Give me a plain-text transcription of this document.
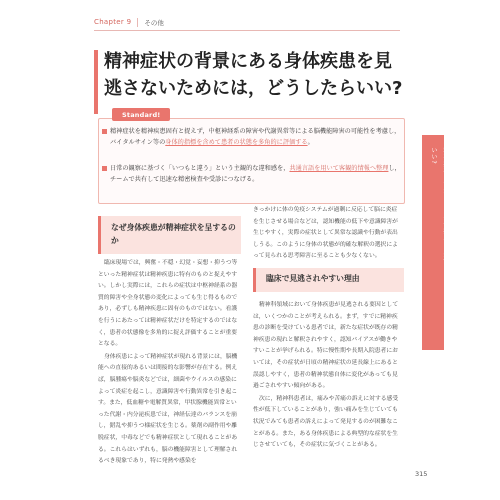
Chapter 9 その他
精神症状の背景にある身体疾患を見逃さないためには，どうしたらいい?
Standard!
精神症状を精神疾患固有と捉えず，中枢神経系の障害や代謝異常等による脳機能障害の可能性を考慮し，バイタルサイン等の身体的指標を含めて患者の状態を多角的に評価する。
日常の観察に基づく「いつもと違う」という主観的な違和感を，共通言語を用いて客観的情報へ整理し，チームで共有して迅速な精密検査や受診につなげる。
なぜ身体疾患が精神症状を呈するのか

臨床現場では，興奮・不穏・幻覚・妄想・抑うつ等といった精神症状は精神疾患に特有のものと捉えやすい。しかし実際には，これらの症状は中枢神経系の器質的障害や全身状態の変化によっても生じ得るものであり，必ずしも精神疾患に固有のものではない。看護を行うにあたっては精神症状だけを特定するのではなく，患者の状態像を多角的に捉え評価することが重要となる。

身体疾患によって精神症状が現れる背景には，脳機能への直接的あるいは間接的な影響が存在する。例えば，脳腫瘍や脳炎などでは，細菌やウイルスの感染によって炎症を起こし，意識障害や行動異常を引き起こす。また，低血糖や電解質異常，甲状腺機能異常といった代謝・内分泌疾患では，神経伝達のバランスを崩し，錯乱や抑うつ様症状を生じる。薬剤の副作用や離脱症状，中毒などでも精神症状として現れることがある。これらはいずれも，脳の機能障害として理解されるべき現象であり，特に発熱や感染を

きっかけに体の免疫システムが過剰に反応して脳に炎症を生じさせる場合などは，認知機能の低下や意識障害が生じやすく，実際の症状として異常な認識や行動が表出しうる。このように身体の状態が的確な解釈の選択によって見られる思考障害に至ることも少なくない。
臨床で見逃されやすい理由

精神科領域において身体疾患が見逃される要因としては，いくつかのことが考えられる。まず，すでに精神疾患の診断を受けている患者では，新たな症状が既存の精神疾患の現れと解釈されやすく，認知バイアスが働きやすいことが挙げられる。特に慢性期や長期入院患者においては，その症状が日頃の精神症状の延長線上にあると誤認しやすく，患者の精神状態自体に変化があっても見過ごされやすい傾向がある。

次に，精神科患者は，痛みや苦痛の訴えに対する感受性が低下していることがあり，強い痛みを生じていても状況でみても患者の訴えによって発見するのが困難なことがある。また，ある身体疾患による典型的な症状を生じさせていても，その症状に気づくことがある。

精神症状の背景にある身体疾患を見逃さないためには，どうしたらいい?
315
